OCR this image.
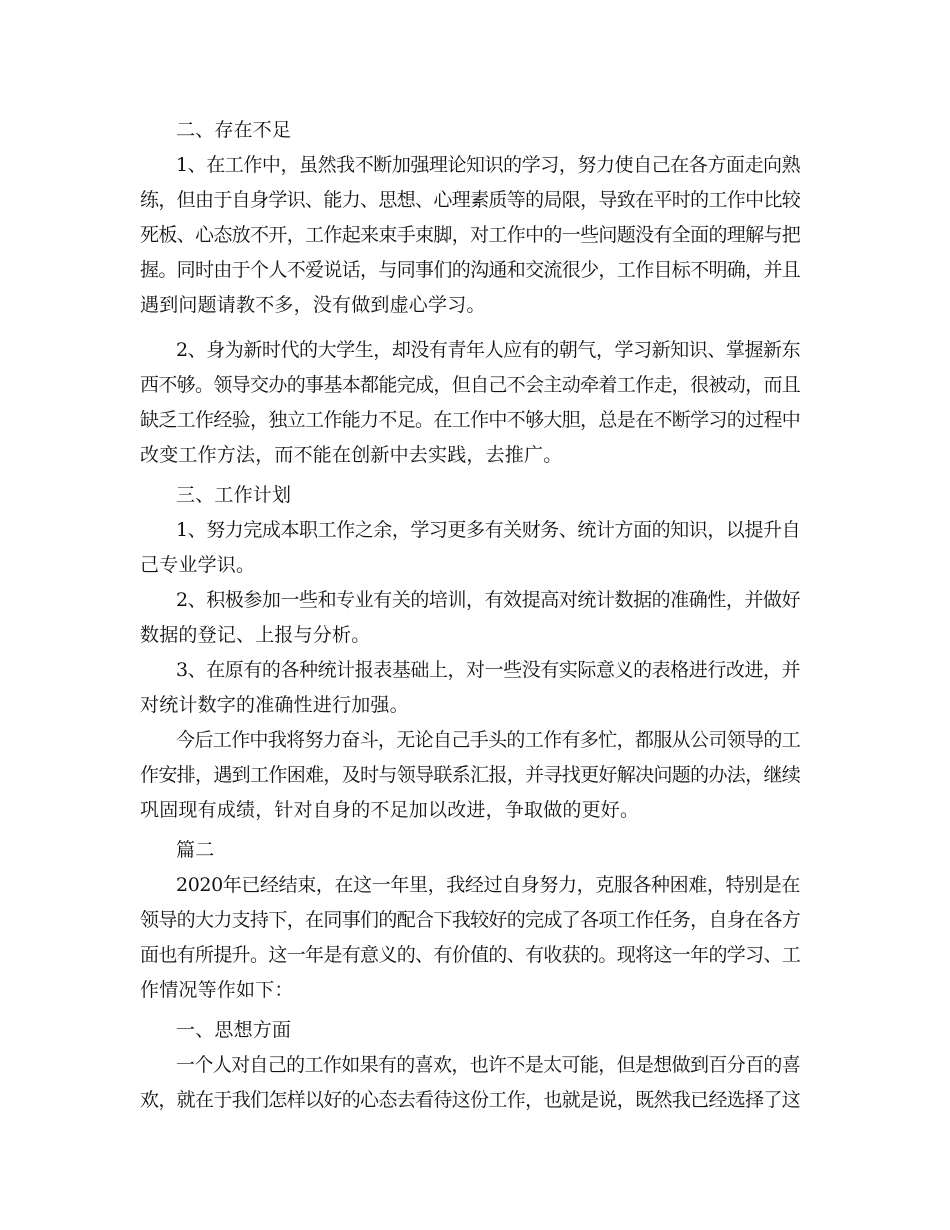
二、存在不足
1、在工作中，虽然我不断加强理论知识的学习，努力使自己在各方面走向熟
练，但由于自身学识、能力、思想、心理素质等的局限，导致在平时的工作中比较
死板、心态放不开，工作起来束手束脚，对工作中的一些问题没有全面的理解与把
握。同时由于个人不爱说话，与同事们的沟通和交流很少，工作目标不明确，并且
遇到问题请教不多，没有做到虚心学习。
2、身为新时代的大学生，却没有青年人应有的朝气，学习新知识、掌握新东
西不够。领导交办的事基本都能完成，但自己不会主动牵着工作走，很被动，而且
缺乏工作经验，独立工作能力不足。在工作中不够大胆，总是在不断学习的过程中
改变工作方法，而不能在创新中去实践，去推广。
三、工作计划
1、努力完成本职工作之余，学习更多有关财务、统计方面的知识，以提升自
己专业学识。
2、积极参加一些和专业有关的培训，有效提高对统计数据的准确性，并做好
数据的登记、上报与分析。
3、在原有的各种统计报表基础上，对一些没有实际意义的表格进行改进，并
对统计数字的准确性进行加强。
今后工作中我将努力奋斗，无论自己手头的工作有多忙，都服从公司领导的工
作安排，遇到工作困难，及时与领导联系汇报，并寻找更好解决问题的办法，继续
巩固现有成绩，针对自身的不足加以改进，争取做的更好。
篇二
2020年已经结束，在这一年里，我经过自身努力，克服各种困难，特别是在
领导的大力支持下，在同事们的配合下我较好的完成了各项工作任务，自身在各方
面也有所提升。这一年是有意义的、有价值的、有收获的。现将这一年的学习、工
作情况等作如下：
一、思想方面
一个人对自己的工作如果有的喜欢，也许不是太可能，但是想做到百分百的喜
欢，就在于我们怎样以好的心态去看待这份工作，也就是说，既然我已经选择了这
